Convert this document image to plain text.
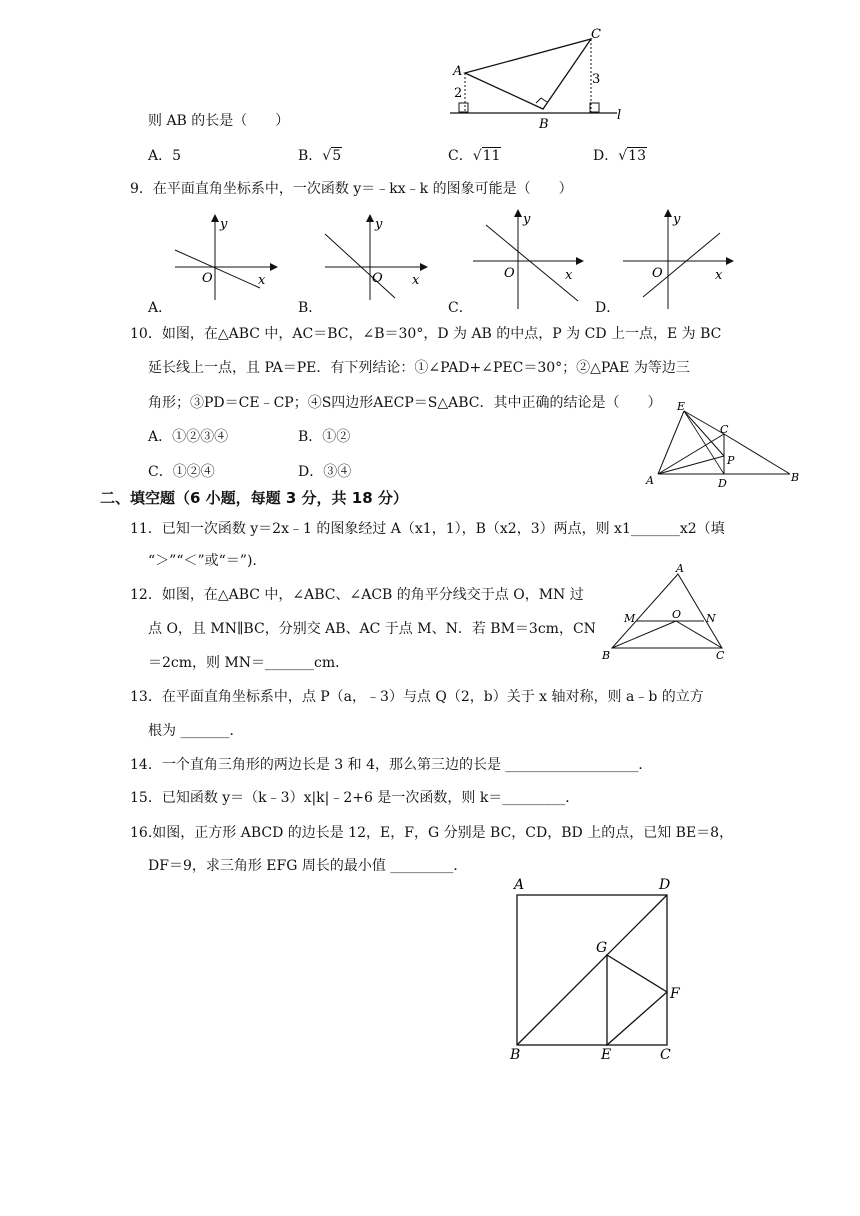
A
C
B
2
3
l
则 AB 的长是（　　）
A．5	B．√5	C．√11	D．√13
9．在平面直角坐标系中，一次函数 y＝﹣kx﹣k 的图象可能是（　　）
y
O	x
y
O x
y
O	x
y
O	x
A．	B．	C．	D．
10．如图，在△ABC 中，AC＝BC，∠B＝30°，D 为 AB 的中点，P 为 CD 上一点，E 为 BC
延长线上一点，且 PA＝PE．有下列结论：①∠PAD+∠PEC＝30°；②△PAE 为等边三
角形；③PD＝CE﹣CP；④S四边形AECP＝S△ABC．其中正确的结论是（　　）
A．①②③④	B．①②
C．①②④	D．③④
E
C
P
A	D	B
二、填空题（6 小题，每题 3 分，共 18 分）
11．已知一次函数 y＝2x﹣1 的图象经过 A（x1，1），B（x2，3）两点，则 x1_______x2（填
“＞”“＜”或“＝”).
12．如图，在△ABC 中，∠ABC、∠ACB 的角平分线交于点 O，MN 过
点 O，且 MN∥BC，分别交 AB、AC 于点 M、N．若 BM＝3cm，CN
＝2cm，则 MN＝_______cm．
A
M	O N
B	C
13．在平面直角坐标系中，点 P（a，﹣3）与点 Q（2，b）关于 x 轴对称，则 a﹣b 的立方
根为 _______．
14．一个直角三角形的两边长是 3 和 4，那么第三边的长是 ___________________．
15．已知函数 y＝（k﹣3）x|k|﹣2+6 是一次函数，则 k＝_________．
16.如图，正方形 ABCD 的边长是 12，E，F，G 分别是 BC，CD，BD 上的点，已知 BE＝8，
DF＝9，求三角形 EFG 周长的最小值 _________．
A	D
G
F
B	E	C
